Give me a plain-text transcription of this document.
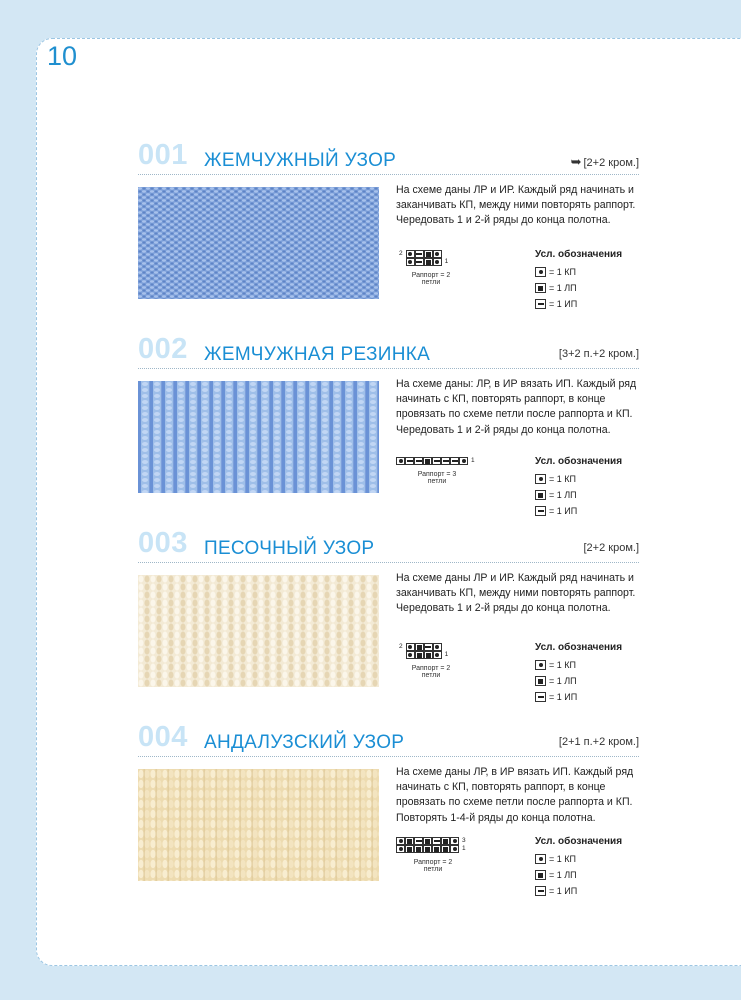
10
001 ЖЕМЧУЖНЫЙ УЗОР	➥ [2+2 кром.]
На схеме даны ЛР и ИР. Каждый ряд начинать и заканчивать КП, между ними повторять раппорт. Чередовать 1 и 2-й ряды до конца полотна.
2
1
Раппорт = 2 петли
Усл. обозначения
= 1 КП
= 1 ЛП
= 1 ИП
002 ЖЕМЧУЖНАЯ РЕЗИНКА	[3+2 п.+2 кром.]
На схеме даны: ЛР, в ИР вязать ИП. Каждый ряд начинать с КП, повторять раппорт, в конце провязать по схеме петли после раппорта и КП. Чередовать 1 и 2-й ряды до конца полотна.
1
Раппорт = 3 петли
Усл. обозначения
= 1 КП
= 1 ЛП
= 1 ИП
003 ПЕСОЧНЫЙ УЗОР	[2+2 кром.]
На схеме даны ЛР и ИР. Каждый ряд начинать и заканчивать КП, между ними повторять раппорт. Чередовать 1 и 2-й ряды до конца полотна.
2
1
Раппорт = 2 петли
Усл. обозначения
= 1 КП
= 1 ЛП
= 1 ИП
004 АНДАЛУЗСКИЙ УЗОР	[2+1 п.+2 кром.]
На схеме даны ЛР, в ИР вязать ИП. Каждый ряд начинать с КП, повторять раппорт, в конце провязать по схеме петли после раппорта и КП. Повторять 1-4-й ряды до конца полотна.
3
1
Раппорт = 2 петли
Усл. обозначения
= 1 КП
= 1 ЛП
= 1 ИП
